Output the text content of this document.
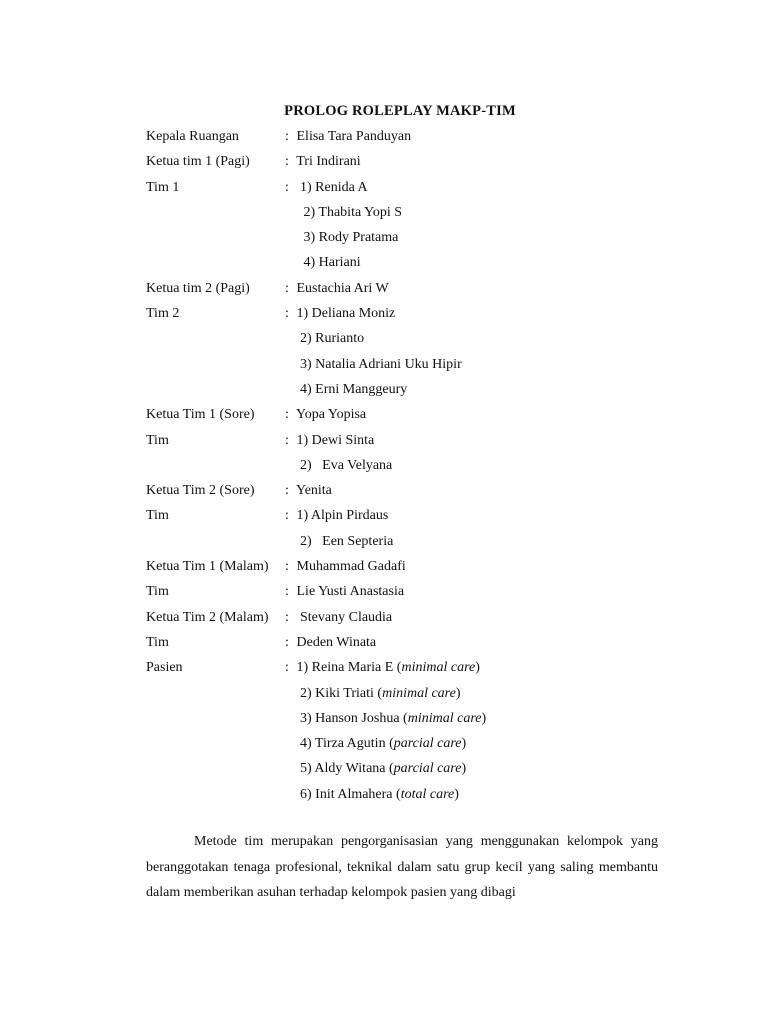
PROLOG ROLEPLAY MAKP-TIM
Kepala Ruangan	: Elisa Tara Panduyan
Ketua tim 1 (Pagi)	: Tri Indirani
Tim 1	: 1) Renida A
2) Thabita Yopi S
3) Rody Pratama
4) Hariani
Ketua tim 2 (Pagi)	: Eustachia Ari W
Tim 2	: 1) Deliana Moniz
2) Rurianto
3) Natalia Adriani Uku Hipir
4) Erni Manggeury
Ketua Tim 1 (Sore) : Yopa Yopisa
Tim	: 1) Dewi Sinta
2)   Eva Velyana
Ketua Tim 2 (Sore) : Yenita
Tim	: 1) Alpin Pirdaus
2)   Een Septeria
Ketua Tim 1 (Malam) : Muhammad Gadafi
Tim	: Lie Yusti Anastasia
Ketua Tim 2 (Malam) : Stevany Claudia
Tim	: Deden Winata
Pasien	: 1) Reina Maria E (minimal care)
2) Kiki Triati (minimal care)
3) Hanson Joshua (minimal care)
4) Tirza Agutin (parcial care)
5) Aldy Witana (parcial care)
6) Init Almahera (total care)

Metode tim merupakan pengorganisasian yang menggunakan kelompok yang beranggotakan tenaga profesional, teknikal dalam satu grup kecil yang saling membantu dalam memberikan asuhan terhadap kelompok pasien yang dibagi
